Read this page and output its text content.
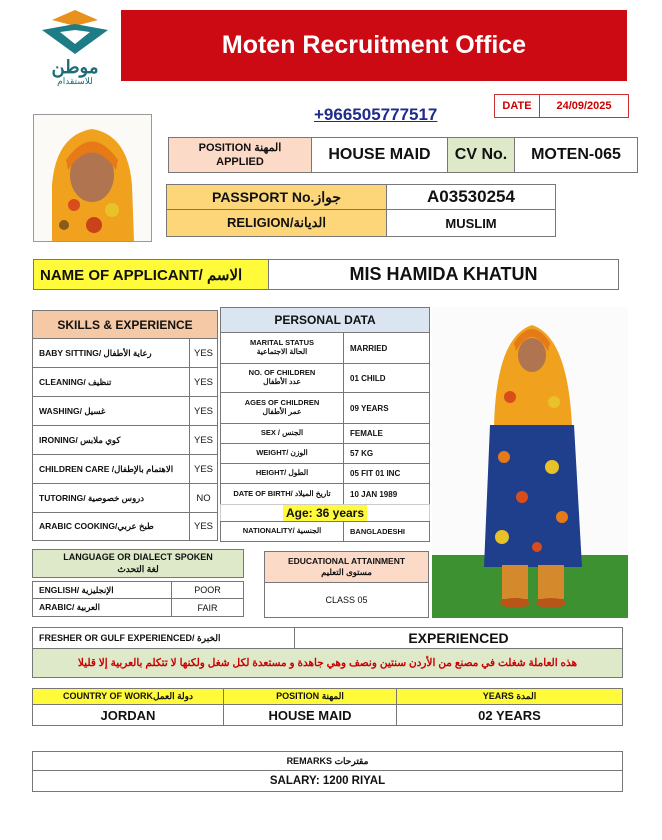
موطن
للاستقدام
Moten Recruitment Office
+966505777517	DATE 24/09/2025
POSITION المهنة
APPLIED	HOUSE MAID CV No. MOTEN-065
PASSPORT No.جواز	A03530254
RELIGION/الديانة	MUSLIM
NAME OF APPLICANT/ الاسم	MIS HAMIDA KHATUN
SKILLS & EXPERIENCE
BABY SITTING/ رعاية الأطفال	YES
CLEANING/ تنظيف	YES
WASHING/ غسيل	YES
IRONING/ كوي ملابس	YES
CHILDREN CARE /الاهتمام بالإطفال YES
TUTORING/ دروس خصوصية	NO
ARABIC COOKING/طبخ عربي	YES
PERSONAL DATA
MARITAL STATUS
الحالة الاجتماعية	MARRIED
NO. OF CHILDREN
عدد الأطفال	01 CHILD
AGES OF CHILDREN
عمر الأطفال	09 YEARS
SEX / الجنس	FEMALE
WEIGHT/ الوزن	57 KG
HEIGHT/ الطول	05 FIT 01 INC
DATE OF BIRTH/ تاريخ الميلاد 10 JAN 1989
Age: 36 years
NATIONALITY/ الجنسية	BANGLADESHI
LANGUAGE OR DIALECT SPOKEN
لغة التحدث
ENGLISH/ الإنجليزية	POOR
ARABIC/ العربية	FAIR
EDUCATIONAL ATTAINMENT
مستوى التعليم
CLASS 05
FRESHER OR GULF EXPERIENCED/ الخبرة	EXPERIENCED
هذه العاملة شغلت في مصنع من الأردن سنتين ونصف وهي جاهدة و مستعدة لكل شغل ولكنها لا تتكلم بالعربية إلا قليلا
COUNTRY OF WORKدولة العمل	POSITION المهنة	YEARS المدة
JORDAN	HOUSE MAID	02 YEARS
REMARKS مقترحات
SALARY: 1200 RIYAL
